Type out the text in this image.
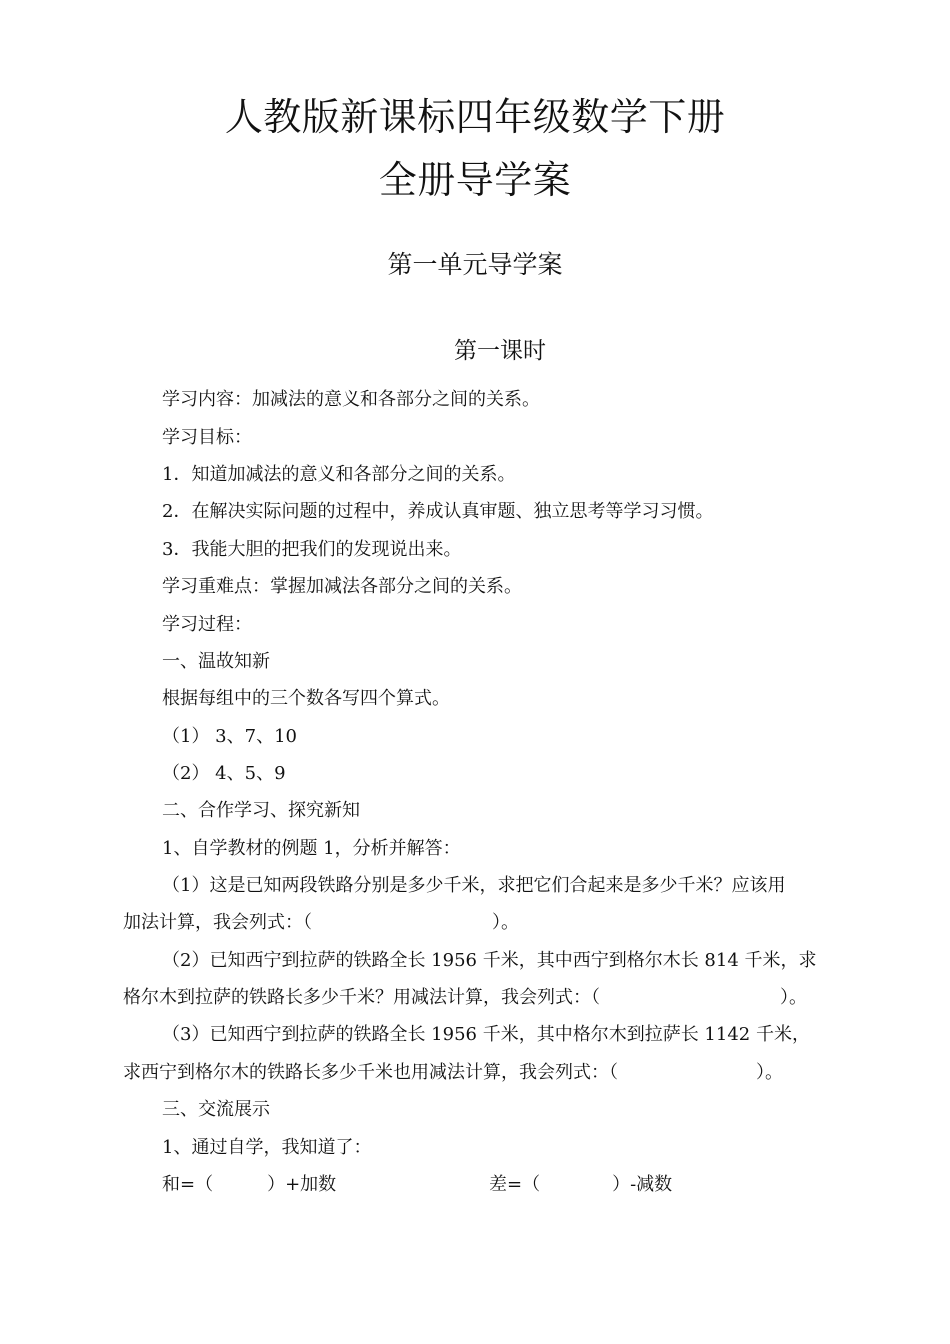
人教版新课标四年级数学下册
全册导学案
第一单元导学案
第一课时
学习内容：加减法的意义和各部分之间的关系。
学习目标：
1．知道加减法的意义和各部分之间的关系。
2．在解决实际问题的过程中，养成认真审题、独立思考等学习习惯。
3．我能大胆的把我们的发现说出来。
学习重难点：掌握加减法各部分之间的关系。
学习过程：
一、温故知新
根据每组中的三个数各写四个算式。
（1） 3、7、10
（2） 4、5、9
二、合作学习、探究新知
1、自学教材的例题 1，分析并解答：
（1）这是已知两段铁路分别是多少千米，求把它们合起来是多少千米？应该用
加法计算，我会列式：（	）。
（2）已知西宁到拉萨的铁路全长 1956 千米，其中西宁到格尔木长 814 千米，求
格尔木到拉萨的铁路长多少千米？用减法计算，我会列式：（	）。
（3）已知西宁到拉萨的铁路全长 1956 千米，其中格尔木到拉萨长 1142 千米，
求西宁到格尔木的铁路长多少千米也用减法计算，我会列式：（	）。
三、交流展示
1、通过自学，我知道了：
和=（	）+加数	差=（	）-减数
